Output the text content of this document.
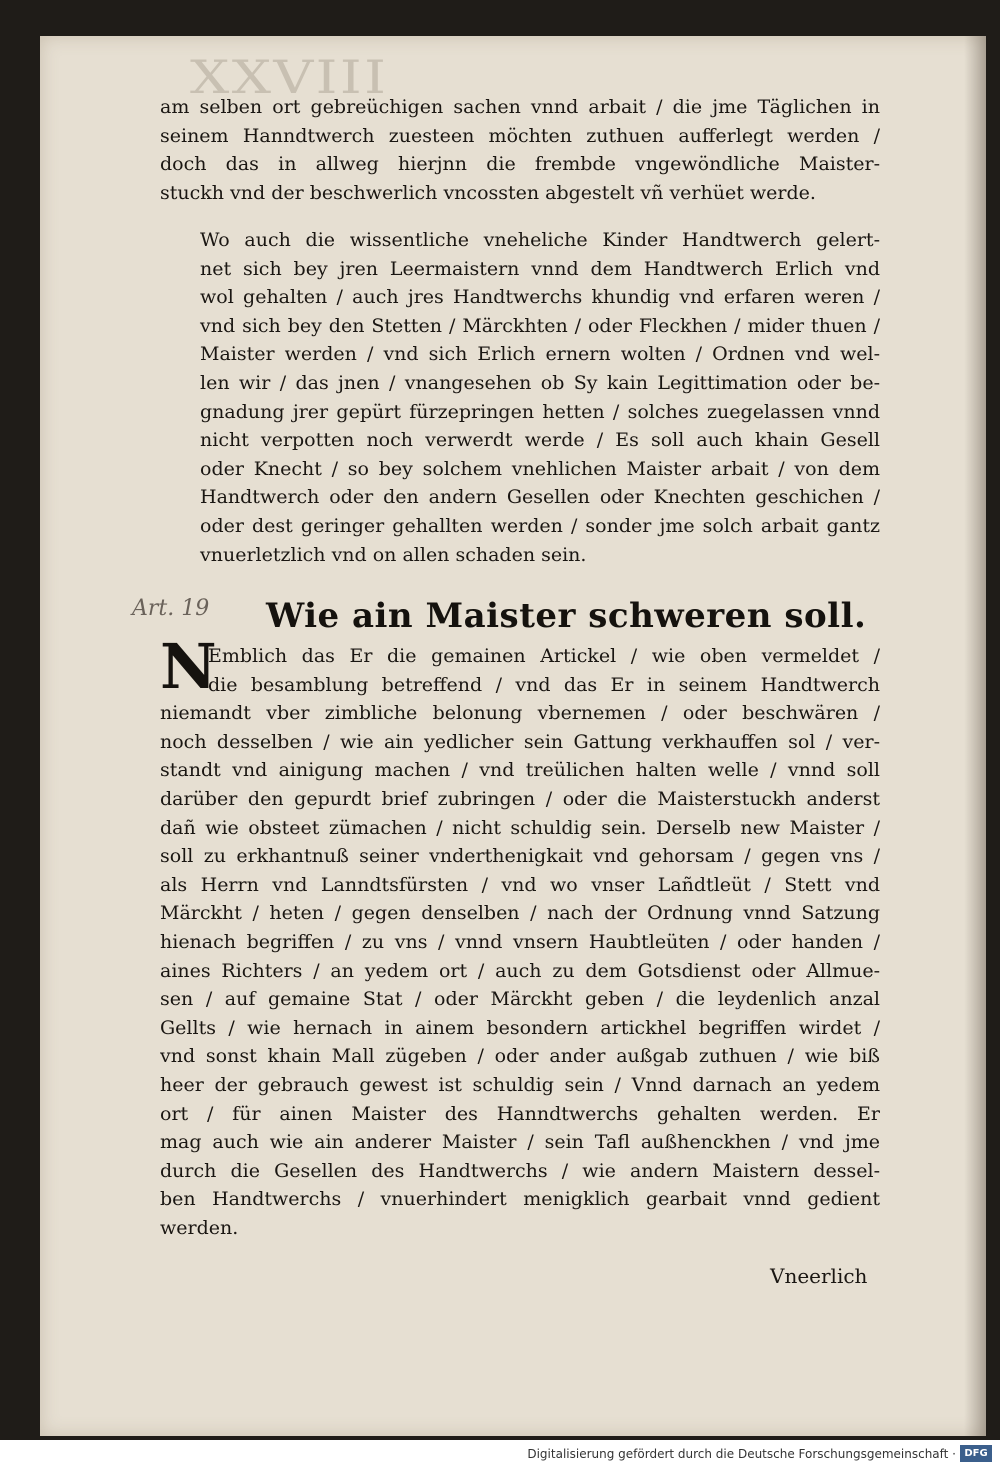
XXVIII
am selben ort gebreüchigen sachen vnnd arbait / die jme Täglichen in
seinem Hanndtwerch zuesteen möchten zuthuen aufferlegt werden /
doch das in allweg hierjnn die frembde vngewöndliche Maister-
stuckh vnd der beschwerlich vncossten abgestelt vñ verhüet werde.
Wo auch die wissentliche vneheliche Kinder Handtwerch gelert-
net sich bey jren Leermaistern vnnd dem Handtwerch Erlich vnd
wol gehalten / auch jres Handtwerchs khundig vnd erfaren weren /
vnd sich bey den Stetten / Märckhten / oder Fleckhen / mider thuen /
Maister werden / vnd sich Erlich ernern wolten / Ordnen vnd wel-
len wir / das jnen / vnangesehen ob Sy kain Legittimation oder be-
gnadung jrer gepürt fürzepringen hetten / solches zuegelassen vnnd
nicht verpotten noch verwerdt werde / Es soll auch khain Gesell
oder Knecht / so bey solchem vnehlichen Maister arbait / von dem
Handtwerch oder den andern Gesellen oder Knechten geschichen /
oder dest geringer gehallten werden / sonder jme solch arbait gantz
vnuerletzlich vnd on allen schaden sein.
Art. 19 Wie ain Maister schweren soll.
N
Emblich das Er die gemainen Artickel / wie oben vermeldet /
die besamblung betreffend / vnd das Er in seinem Handtwerch
niemandt vber zimbliche belonung vbernemen / oder beschwären /
noch desselben / wie ain yedlicher sein Gattung verkhauffen sol / ver-
standt vnd ainigung machen / vnd treülichen halten welle / vnnd soll
darüber den gepurdt brief zubringen / oder die Maisterstuckh anderst
dañ wie obsteet zümachen / nicht schuldig sein. Derselb new Maister /
soll zu erkhantnuß seiner vnderthenigkait vnd gehorsam / gegen vns /
als Herrn vnd Lanndtsfürsten / vnd wo vnser Lañdtleüt / Stett vnd
Märckht / heten / gegen denselben / nach der Ordnung vnnd Satzung
hienach begriffen / zu vns / vnnd vnsern Haubtleüten / oder handen /
aines Richters / an yedem ort / auch zu dem Gotsdienst oder Allmue-
sen / auf gemaine Stat / oder Märckht geben / die leydenlich anzal
Gellts / wie hernach in ainem besondern artickhel begriffen wirdet /
vnd sonst khain Mall zügeben / oder ander außgab zuthuen / wie biß
heer der gebrauch gewest ist schuldig sein / Vnnd darnach an yedem
ort / für ainen Maister des Hanndtwerchs gehalten werden. Er
mag auch wie ain anderer Maister / sein Tafl außhenckhen / vnd jme
durch die Gesellen des Handtwerchs / wie andern Maistern dessel-
ben Handtwerchs / vnuerhindert menigklich gearbait vnnd gedient
werden.
Vneerlich
Digitalisierung gefördert durch die Deutsche Forschungsgemeinschaft · DFG
